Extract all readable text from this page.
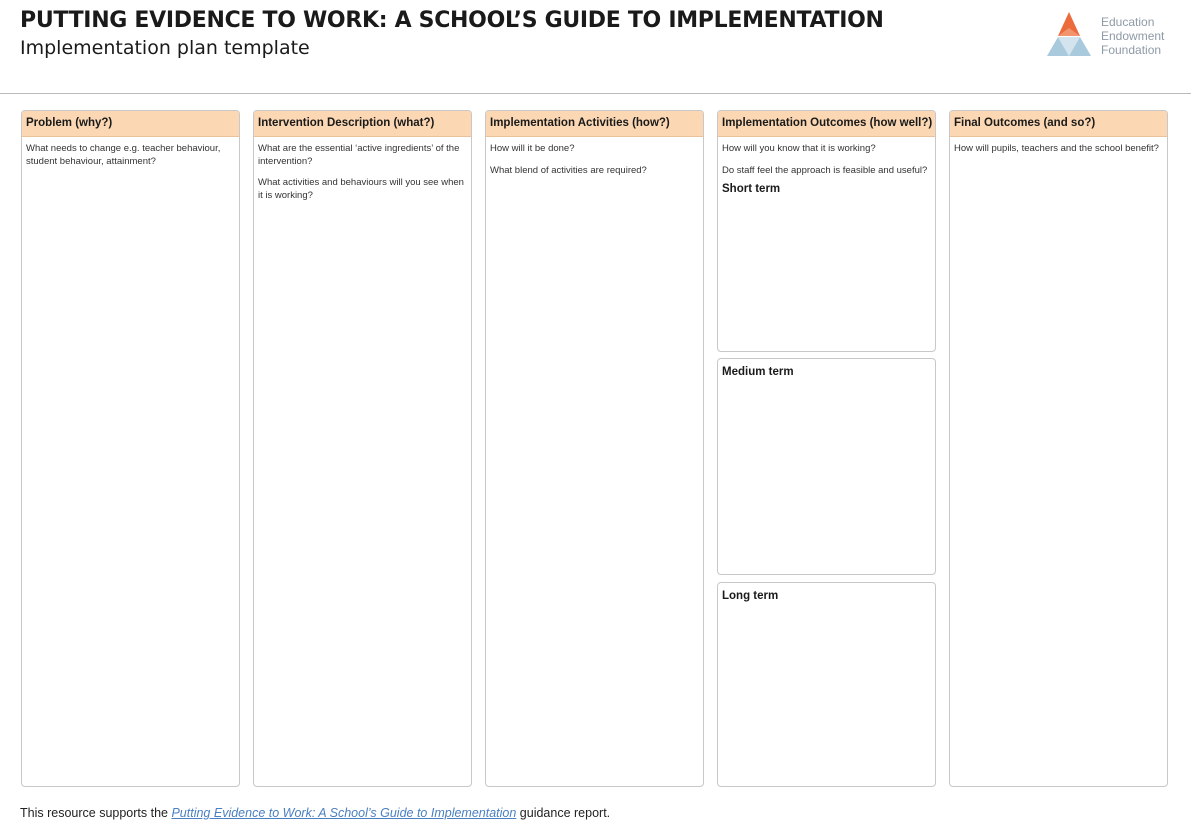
PUTTING EVIDENCE TO WORK: A SCHOOL’S GUIDE TO IMPLEMENTATION
Implementation plan template
Education
Endowment
Foundation
Problem (why?)

What needs to change e.g. teacher behaviour, student behaviour, attainment?

Intervention Description (what?)

What are the essential ‘active ingredients’ of the intervention?

What activities and behaviours will you see when it is working?

Implementation Activities (how?)

How will it be done?

What blend of activities are required?

Implementation Outcomes (how well?)

How will you know that it is working?

Do staff feel the approach is feasible and useful?

Short term
Medium term
Long term
Final Outcomes (and so?)

How will pupils, teachers and the school benefit?

This resource supports the Putting Evidence to Work: A School’s Guide to Implementation guidance report.
